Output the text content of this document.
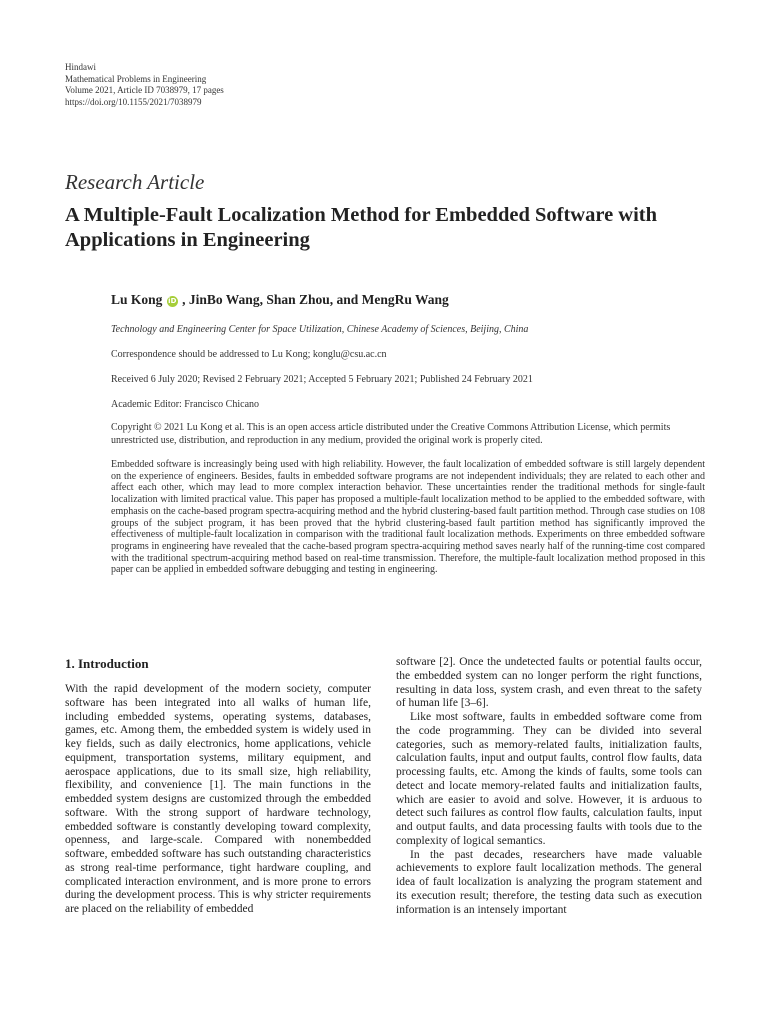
Hindawi
Mathematical Problems in Engineering
Volume 2021, Article ID 7038979, 17 pages
https://doi.org/10.1155/2021/7038979
Research Article
A Multiple-Fault Localization Method for Embedded Software with Applications in Engineering
Lu Kong iD , JinBo Wang, Shan Zhou, and MengRu Wang
Technology and Engineering Center for Space Utilization, Chinese Academy of Sciences, Beijing, China
Correspondence should be addressed to Lu Kong; konglu@csu.ac.cn
Received 6 July 2020; Revised 2 February 2021; Accepted 5 February 2021; Published 24 February 2021
Academic Editor: Francisco Chicano
Copyright © 2021 Lu Kong et al. This is an open access article distributed under the Creative Commons Attribution License, which permits unrestricted use, distribution, and reproduction in any medium, provided the original work is properly cited.
Embedded software is increasingly being used with high reliability. However, the fault localization of embedded software is still largely dependent on the experience of engineers. Besides, faults in embedded software programs are not independent individuals; they are related to each other and affect each other, which may lead to more complex interaction behavior. These uncertainties render the traditional methods for single-fault localization with limited practical value. This paper has proposed a multiple-fault localization method to be applied to the embedded software, with emphasis on the cache-based program spectra-acquiring method and the hybrid clustering-based fault partition method. Through case studies on 108 groups of the subject program, it has been proved that the hybrid clustering-based fault partition method has significantly improved the effectiveness of multiple-fault localization in comparison with the traditional fault localization methods. Experiments on three embedded software programs in engineering have revealed that the cache-based program spectra-acquiring method saves nearly half of the running-time cost compared with the traditional spectrum-acquiring method based on real-time transmission. Therefore, the multiple-fault localization method proposed in this paper can be applied in embedded software debugging and testing in engineering.
1. Introduction

With the rapid development of the modern society, computer software has been integrated into all walks of human life, including embedded systems, operating systems, databases, games, etc. Among them, the embedded system is widely used in key fields, such as daily electronics, home applications, vehicle equipment, transportation systems, military equipment, and aerospace applications, due to its small size, high reliability, flexibility, and convenience [1]. The main functions in the embedded system designs are customized through the embedded software. With the strong support of hardware technology, embedded software is constantly developing toward complexity, openness, and large-scale. Compared with nonembedded software, embedded software has such outstanding characteristics as strong real-time performance, tight hardware coupling, and complicated interaction environment, and is more prone to errors during the development process. This is why stricter requirements are placed on the reliability of embedded

software [2]. Once the undetected faults or potential faults occur, the embedded system can no longer perform the right functions, resulting in data loss, system crash, and even threat to the safety of human life [3–6].

Like most software, faults in embedded software come from the code programming. They can be divided into several categories, such as memory-related faults, initialization faults, calculation faults, input and output faults, control flow faults, data processing faults, etc. Among the kinds of faults, some tools can detect and locate memory-related faults and initialization faults, which are easier to avoid and solve. However, it is arduous to detect such failures as control flow faults, calculation faults, input and output faults, and data processing faults with tools due to the complexity of logical semantics.

In the past decades, researchers have made valuable achievements to explore fault localization methods. The general idea of fault localization is analyzing the program statement and its execution result; therefore, the testing data such as execution information is an intensely important
